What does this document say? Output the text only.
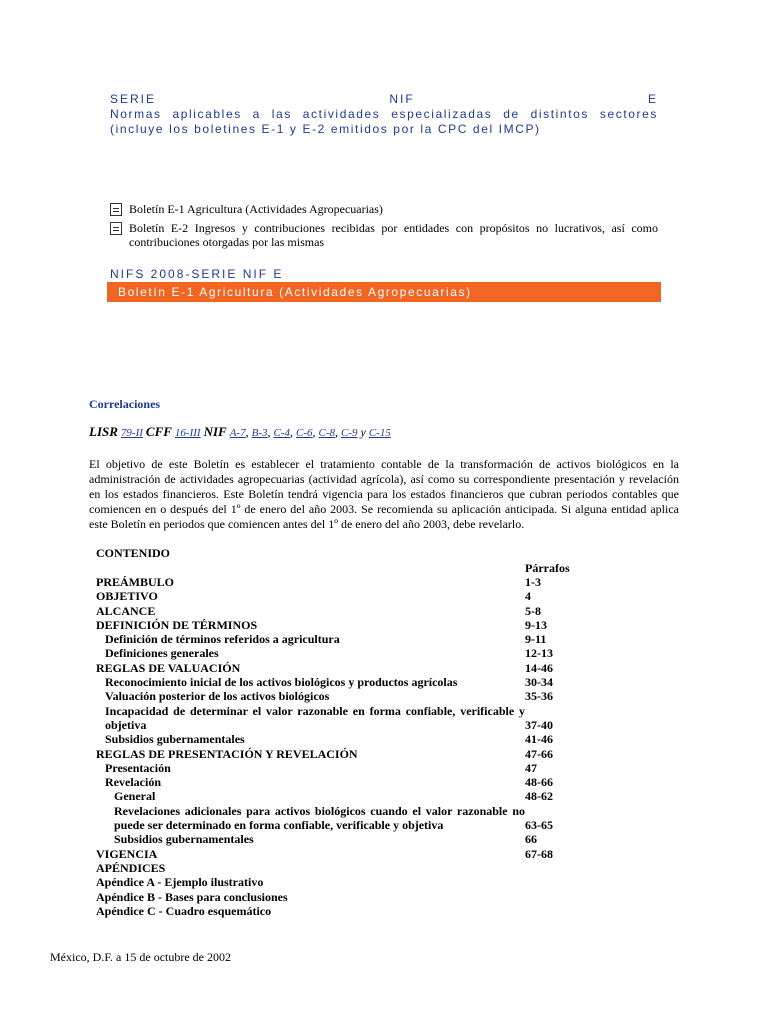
SERIE	NIF	E
Normas aplicables a las actividades especializadas de distintos sectores
(incluye los boletines E-1 y E-2 emitidos por la CPC del IMCP)
Boletín E-1 Agricultura (Actividades Agropecuarias)
Boletín E-2 Ingresos y contribuciones recibidas por entidades con propósitos no lucrativos, así como contribuciones otorgadas por las mismas
NIFS 2008-SERIE NIF E
Boletín E-1 Agricultura (Actividades Agropecuarias)
Correlaciones
LISR 79-II CFF 16-III NIF A-7, B-3, C-4, C-6, C-8, C-9 y C-15
El objetivo de este Boletín es establecer el tratamiento contable de la transformación de activos biológicos en la administración de actividades agropecuarias (actividad agrícola), así como su correspondiente presentación y revelación en los estados financieros. Este Boletín tendrá vigencia para los estados financieros que cubran periodos contables que comiencen en o después del 1º de enero del año 2003. Se recomienda su aplicación anticipada. Si alguna entidad aplica este Boletín en periodos que comiencen antes del 1º de enero del año 2003, debe revelarlo.
CONTENIDO
Párrafos
PREÁMBULO	1-3
OBJETIVO	4
ALCANCE	5-8
DEFINICIÓN DE TÉRMINOS	9-13
Definición de términos referidos a agricultura	9-11
Definiciones generales	12-13
REGLAS DE VALUACIÓN	14-46
Reconocimiento inicial de los activos biológicos y productos agrícolas	30-34
Valuación posterior de los activos biológicos	35-36
Incapacidad de determinar el valor razonable en forma confiable, verificable y
objetiva	37-40
Subsidios gubernamentales	41-46
REGLAS DE PRESENTACIÓN Y REVELACIÓN	47-66
Presentación	47
Revelación	48-66
General	48-62
Revelaciones adicionales para activos biológicos cuando el valor razonable no
puede ser determinado en forma confiable, verificable y objetiva	63-65
Subsidios gubernamentales	66
VIGENCIA	67-68
APÉNDICES
Apéndice A - Ejemplo ilustrativo
Apéndice B - Bases para conclusiones
Apéndice C - Cuadro esquemático
México, D.F. a 15 de octubre de 2002
